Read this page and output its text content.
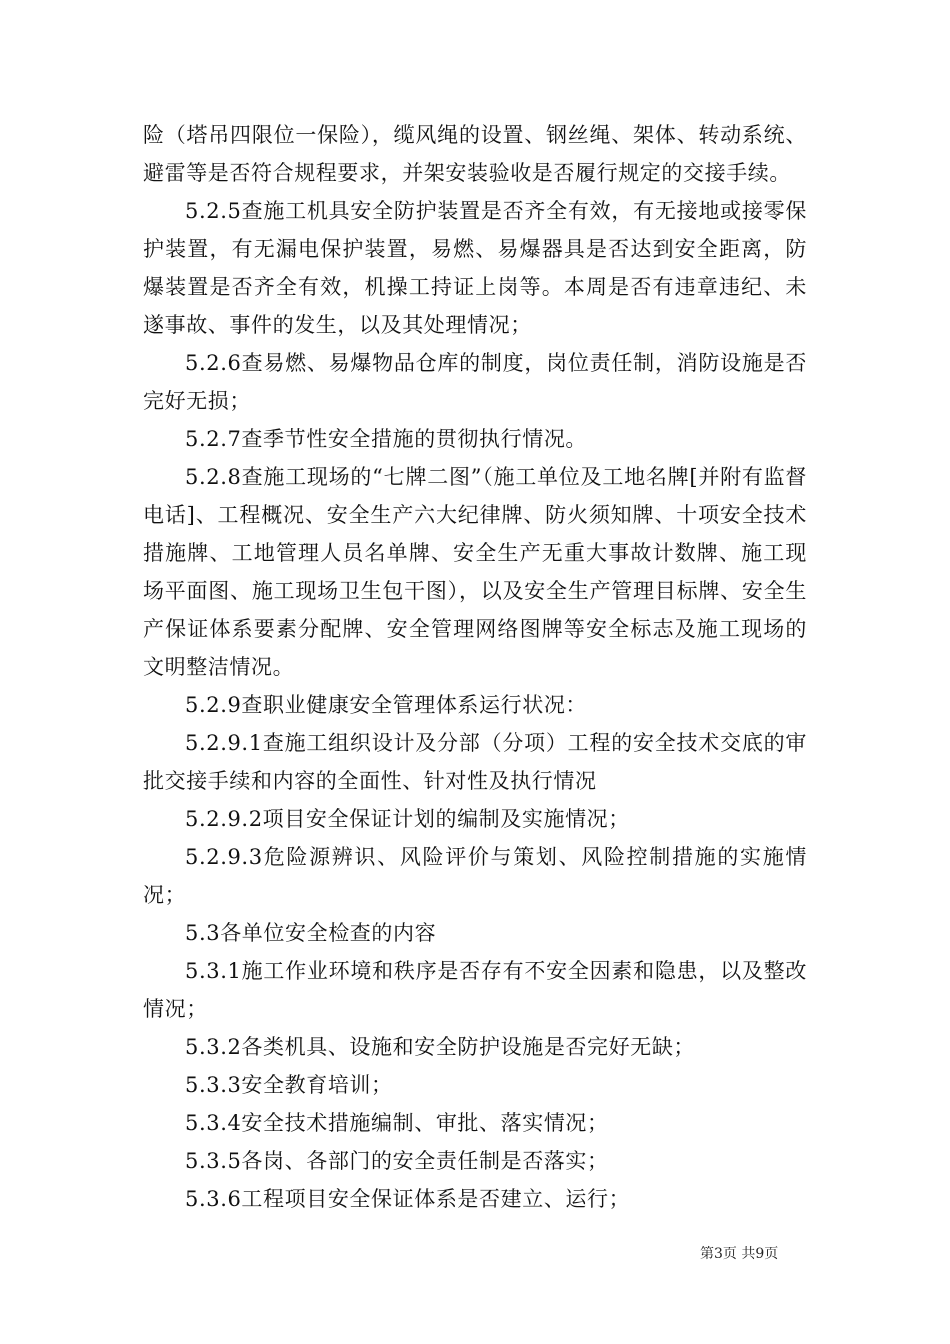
险（塔吊四限位一保险），缆风绳的设置、钢丝绳、架体、转动系统、避雷等是否符合规程要求，并架安装验收是否履行规定的交接手续。

5.2.5查施工机具安全防护装置是否齐全有效，有无接地或接零保护装置，有无漏电保护装置，易燃、易爆器具是否达到安全距离，防爆装置是否齐全有效，机操工持证上岗等。本周是否有违章违纪、未遂事故、事件的发生，以及其处理情况；

5.2.6查易燃、易爆物品仓库的制度，岗位责任制，消防设施是否完好无损；

5.2.7查季节性安全措施的贯彻执行情况。

5.2.8查施工现场的“七牌二图”（施工单位及工地名牌[并附有监督电话]、工程概况、安全生产六大纪律牌、防火须知牌、十项安全技术措施牌、工地管理人员名单牌、安全生产无重大事故计数牌、施工现场平面图、施工现场卫生包干图），以及安全生产管理目标牌、安全生产保证体系要素分配牌、安全管理网络图牌等安全标志及施工现场的文明整洁情况。

5.2.9查职业健康安全管理体系运行状况：

5.2.9.1查施工组织设计及分部（分项）工程的安全技术交底的审批交接手续和内容的全面性、针对性及执行情况

5.2.9.2项目安全保证计划的编制及实施情况；

5.2.9.3危险源辨识、风险评价与策划、风险控制措施的实施情况；

5.3各单位安全检查的内容

5.3.1施工作业环境和秩序是否存有不安全因素和隐患，以及整改情况；

5.3.2各类机具、设施和安全防护设施是否完好无缺；

5.3.3安全教育培训；

5.3.4安全技术措施编制、审批、落实情况；

5.3.5各岗、各部门的安全责任制是否落实；

5.3.6工程项目安全保证体系是否建立、运行；

第3页 共9页
